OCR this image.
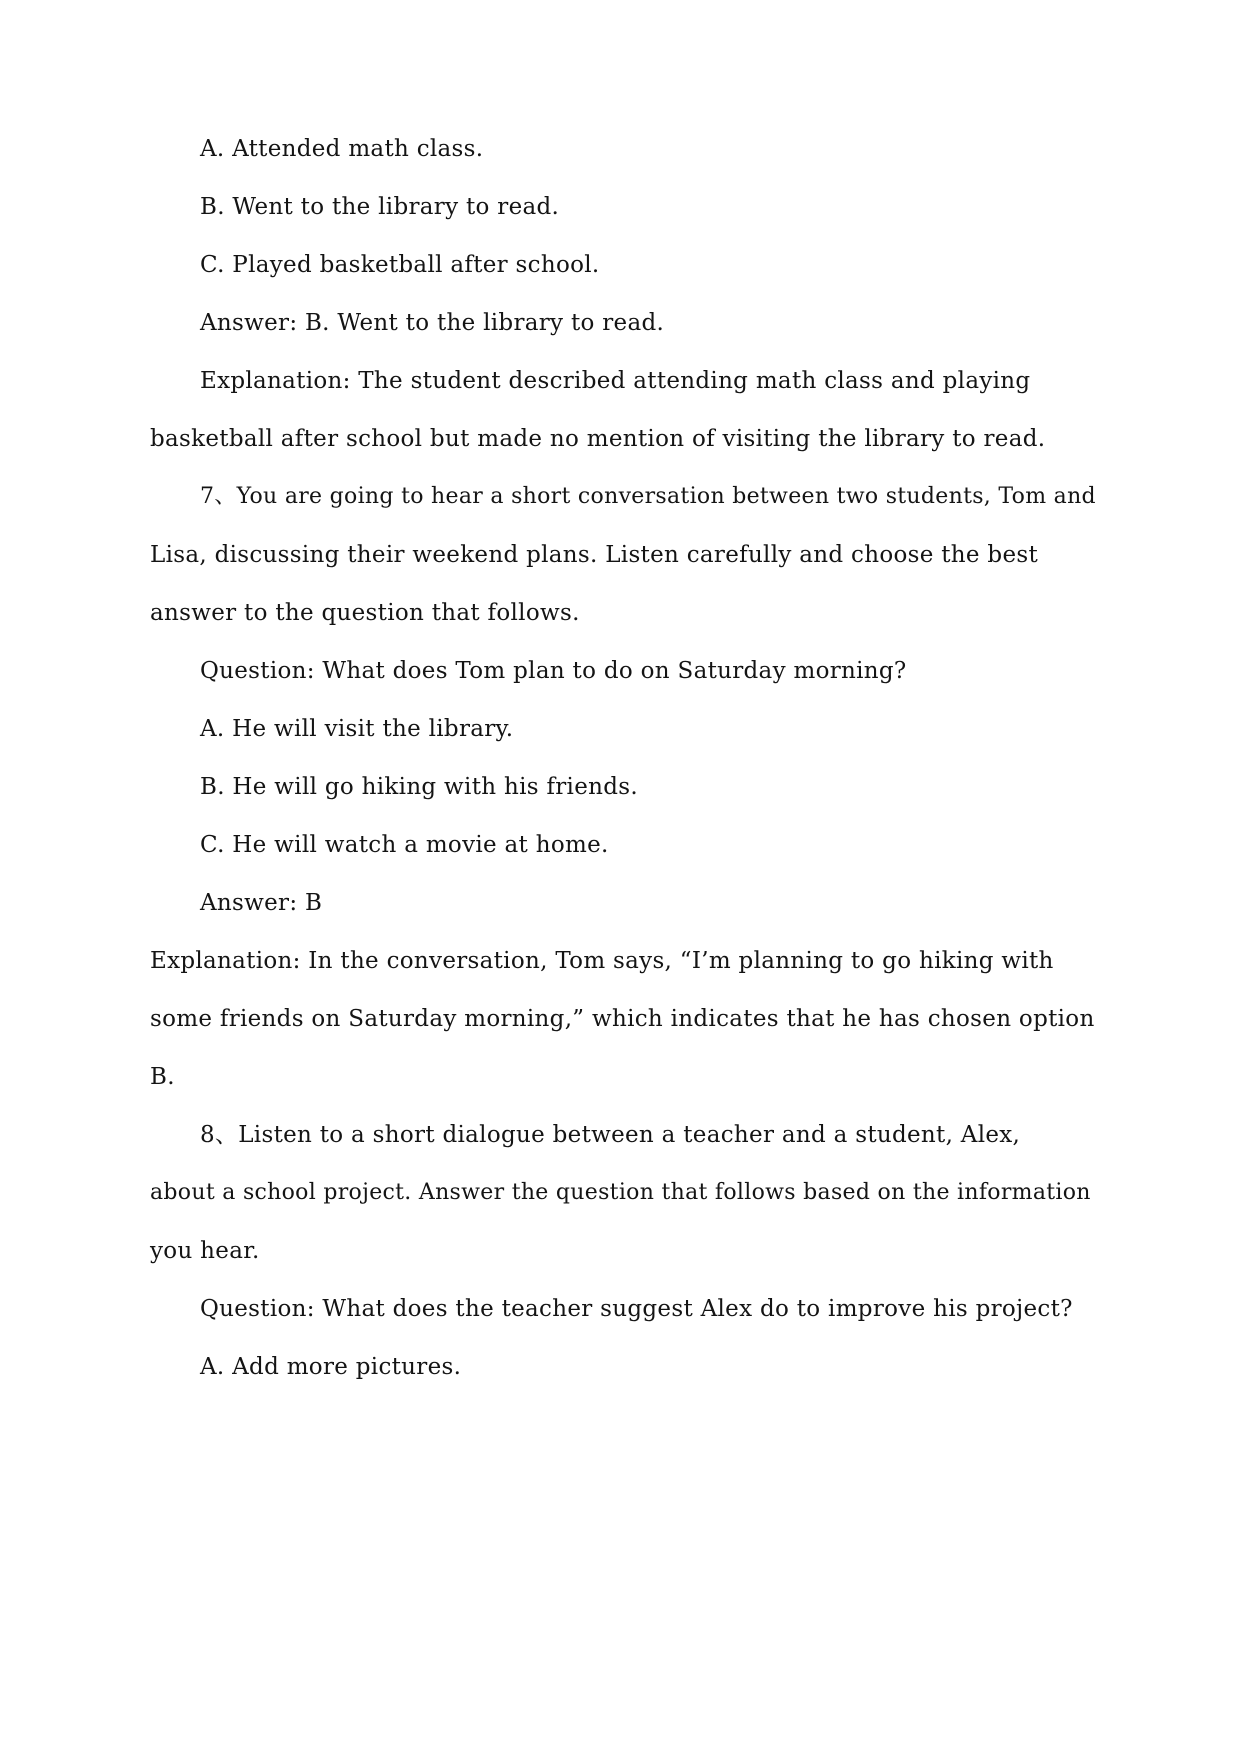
A. Attended math class.
B. Went to the library to read.
C. Played basketball after school.
Answer: B. Went to the library to read.
Explanation: The student described attending math class and playing
basketball after school but made no mention of visiting the library to read.
7、You are going to hear a short conversation between two students, Tom and
Lisa, discussing their weekend plans. Listen carefully and choose the best
answer to the question that follows.
Question: What does Tom plan to do on Saturday morning?
A. He will visit the library.
B. He will go hiking with his friends.
C. He will watch a movie at home.
Answer: B
Explanation: In the conversation, Tom says, “I’m planning to go hiking with
some friends on Saturday morning,” which indicates that he has chosen option
B.
8、Listen to a short dialogue between a teacher and a student, Alex,
about a school project. Answer the question that follows based on the information
you hear.
Question: What does the teacher suggest Alex do to improve his project?
A. Add more pictures.
